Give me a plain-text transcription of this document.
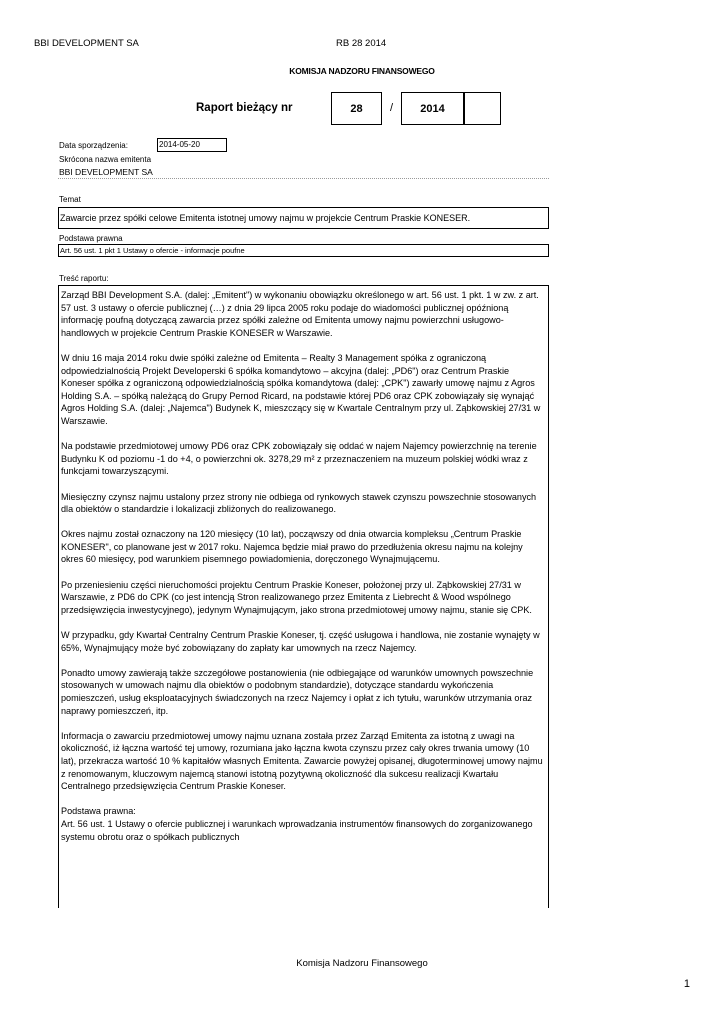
BBI DEVELOPMENT SA	RB 28 2014
KOMISJA NADZORU FINANSOWEGO
Raport bieżący nr	28 / 2014
Data sporządzenia:	2014-05-20
Skrócona nazwa emitenta
BBI DEVELOPMENT SA
Temat
Zawarcie przez spółki celowe Emitenta istotnej umowy najmu w projekcie Centrum Praskie KONESER.
Podstawa prawna
Art. 56 ust. 1 pkt 1 Ustawy o ofercie - informacje poufne
Treść raportu:

Zarząd BBI Development S.A. (dalej: „Emitent") w wykonaniu obowiązku określonego w art. 56 ust. 1 pkt. 1 w zw. z art. 57 ust. 3 ustawy o ofercie publicznej (…) z dnia 29 lipca 2005 roku podaje do wiadomości publicznej opóźnioną informację poufną dotyczącą zawarcia przez spółki zależne od Emitenta umowy najmu powierzchni usługowo-handlowych w projekcie Centrum Praskie KONESER w Warszawie.

W dniu 16 maja 2014 roku dwie spółki zależne od Emitenta – Realty 3 Management spółka z ograniczoną odpowiedzialnością Projekt Developerski 6 spółka komandytowo – akcyjna (dalej: „PD6") oraz Centrum Praskie Koneser spółka z ograniczoną odpowiedzialnością spółka komandytowa (dalej: „CPK") zawarły umowę najmu z Agros Holding S.A. – spółką należącą do Grupy Pernod Ricard, na podstawie której PD6 oraz CPK zobowiązały się wynająć Agros Holding S.A. (dalej: „Najemca") Budynek K, mieszczący się w Kwartale Centralnym przy ul. Ząbkowskiej 27/31 w Warszawie.

Na podstawie przedmiotowej umowy PD6 oraz CPK zobowiązały się oddać w najem Najemcy powierzchnię na terenie Budynku K od poziomu -1 do +4, o powierzchni ok. 3278,29 m² z przeznaczeniem na muzeum polskiej wódki wraz z funkcjami towarzyszącymi.

Miesięczny czynsz najmu ustalony przez strony nie odbiega od rynkowych stawek czynszu powszechnie stosowanych dla obiektów o standardzie i lokalizacji zbliżonych do realizowanego.

Okres najmu został oznaczony na 120 miesięcy (10 lat), począwszy od dnia otwarcia kompleksu „Centrum Praskie KONESER", co planowane jest w 2017 roku. Najemca będzie miał prawo do przedłużenia okresu najmu na kolejny okres 60 miesięcy, pod warunkiem pisemnego powiadomienia, doręczonego Wynajmującemu.

Po przeniesieniu części nieruchomości projektu Centrum Praskie Koneser, położonej przy ul. Ząbkowskiej 27/31 w Warszawie, z PD6 do CPK (co jest intencją Stron realizowanego przez Emitenta z Liebrecht & Wood wspólnego przedsięwzięcia inwestycyjnego), jedynym Wynajmującym, jako strona przedmiotowej umowy najmu, stanie się CPK.

W przypadku, gdy Kwartał Centralny Centrum Praskie Koneser, tj. część usługowa i handlowa, nie zostanie wynajęty w 65%, Wynajmujący może być zobowiązany do zapłaty kar umownych na rzecz Najemcy.

Ponadto umowy zawierają także szczegółowe postanowienia (nie odbiegające od warunków umownych powszechnie stosowanych w umowach najmu dla obiektów o podobnym standardzie), dotyczące standardu wykończenia pomieszczeń, usług eksploatacyjnych świadczonych na rzecz Najemcy i opłat z ich tytułu, warunków utrzymania oraz naprawy pomieszczeń, itp.

Informacja o zawarciu przedmiotowej umowy najmu uznana została przez Zarząd Emitenta za istotną z uwagi na okoliczność, iż łączna wartość tej umowy, rozumiana jako łączna kwota czynszu przez cały okres trwania umowy (10 lat), przekracza wartość 10 % kapitałów własnych Emitenta. Zawarcie powyżej opisanej, długoterminowej umowy najmu z renomowanym, kluczowym najemcą stanowi istotną pozytywną okoliczność dla sukcesu realizacji Kwartału Centralnego przedsięwzięcia Centrum Praskie Koneser.

Podstawa prawna:
Art. 56 ust. 1 Ustawy o ofercie publicznej i warunkach wprowadzania instrumentów finansowych do zorganizowanego systemu obrotu oraz o spółkach publicznych
Komisja Nadzoru Finansowego
1
